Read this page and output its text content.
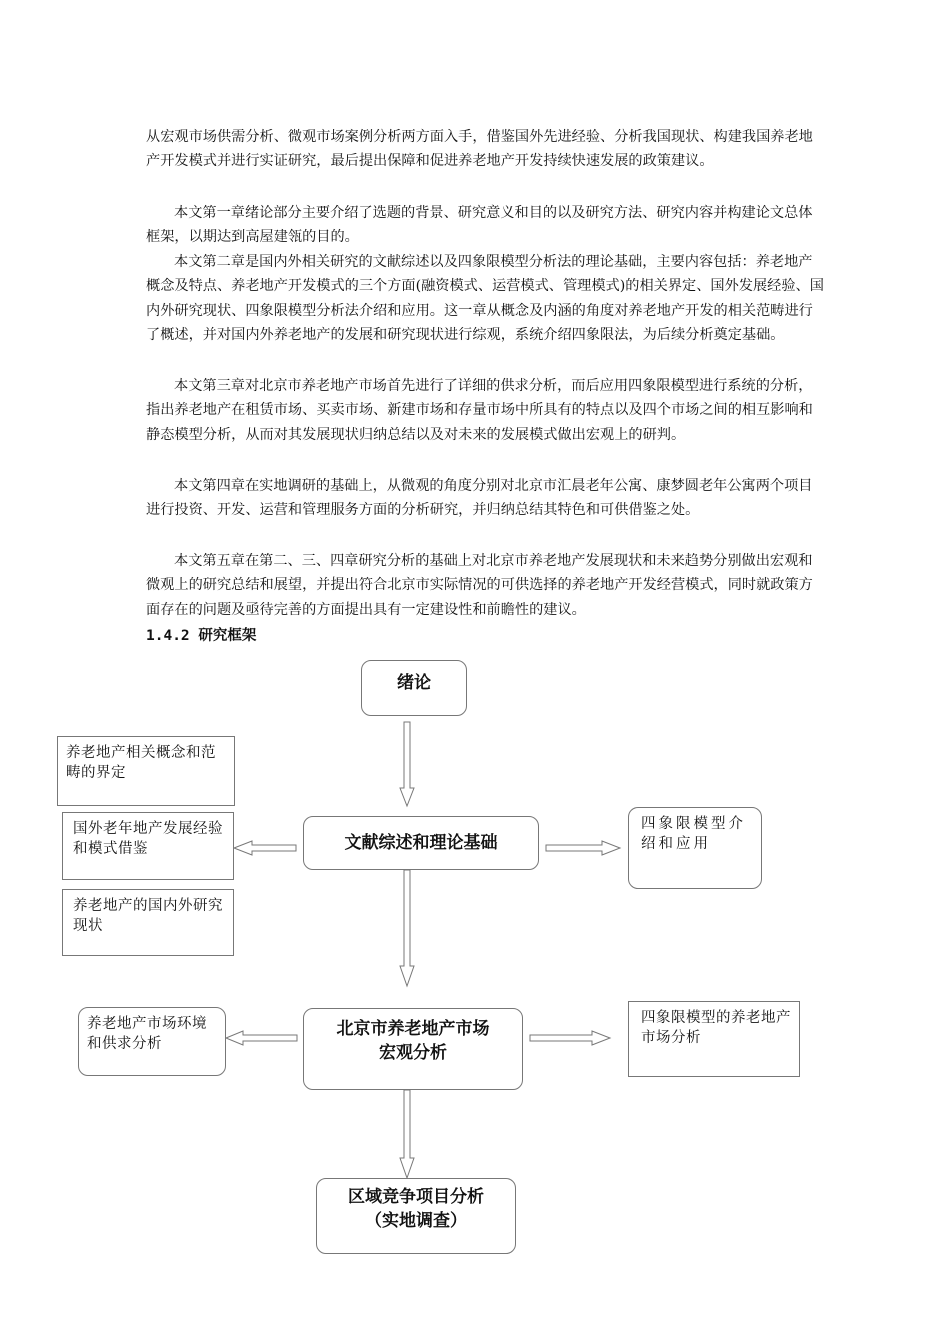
从宏观市场供需分析、微观市场案例分析两方面入手，借鉴国外先进经验、分析我国现状、构建我国养老地产开发模式并进行实证研究，最后提出保障和促进养老地产开发持续快速发展的政策建议。

本文第一章绪论部分主要介绍了选题的背景、研究意义和目的以及研究方法、研究内容并构建论文总体框架，以期达到高屋建瓴的目的。

本文第二章是国内外相关研究的文献综述以及四象限模型分析法的理论基础，主要内容包括：养老地产概念及特点、养老地产开发模式的三个方面(融资模式、运营模式、管理模式)的相关界定、国外发展经验、国内外研究现状、四象限模型分析法介绍和应用。这一章从概念及内涵的角度对养老地产开发的相关范畴进行了概述，并对国内外养老地产的发展和研究现状进行综观，系统介绍四象限法，为后续分析奠定基础。

本文第三章对北京市养老地产市场首先进行了详细的供求分析，而后应用四象限模型进行系统的分析，指出养老地产在租赁市场、买卖市场、新建市场和存量市场中所具有的特点以及四个市场之间的相互影响和静态模型分析，从而对其发展现状归纳总结以及对未来的发展模式做出宏观上的研判。

本文第四章在实地调研的基础上，从微观的角度分别对北京市汇晨老年公寓、康梦圆老年公寓两个项目进行投资、开发、运营和管理服务方面的分析研究，并归纳总结其特色和可供借鉴之处。

本文第五章在第二、三、四章研究分析的基础上对北京市养老地产发展现状和未来趋势分别做出宏观和微观上的研究总结和展望，并提出符合北京市实际情况的可供选择的养老地产开发经营模式，同时就政策方面存在的问题及亟待完善的方面提出具有一定建设性和前瞻性的建议。

1.4.2 研究框架
绪论
养老地产相关概念和范畴的界定
国外老年地产发展经验和模式借鉴
养老地产的国内外研究现状
文献综述和理论基础
四象限模型介绍和应用
养老地产市场环境和供求分析
北京市养老地产市场
宏观分析
四象限模型的养老地产市场分析
区域竞争项目分析
（实地调查）
